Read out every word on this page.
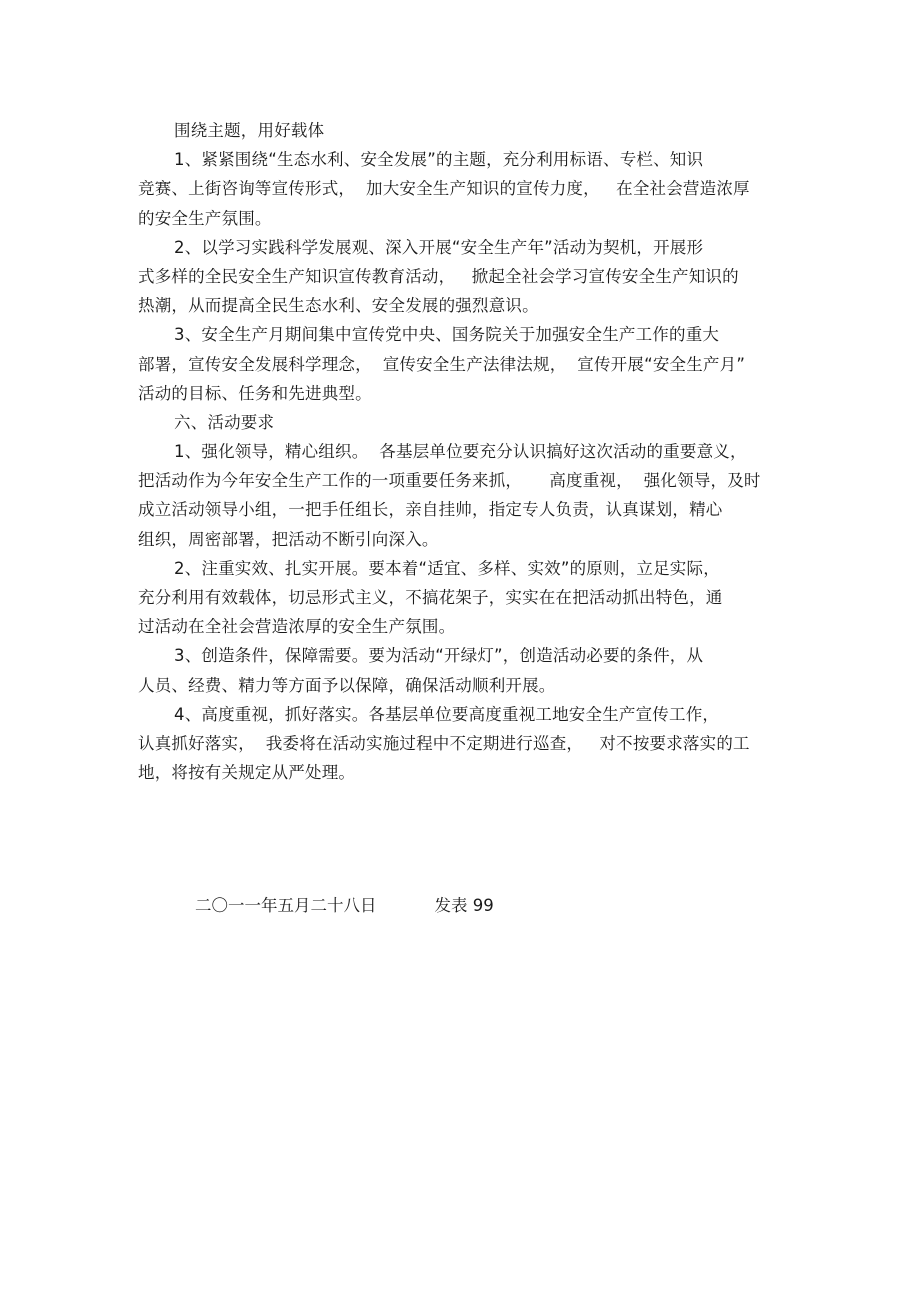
围绕主题，用好载体
1、紧紧围绕“生态水利、安全发展”的主题，充分利用标语、专栏、知识
竞赛、上街咨询等宣传形式，  加大安全生产知识的宣传力度，   在全社会营造浓厚
的安全生产氛围。
2、以学习实践科学发展观、深入开展“安全生产年”活动为契机，开展形
式多样的全民安全生产知识宣传教育活动，   掀起全社会学习宣传安全生产知识的
热潮，从而提高全民生态水利、安全发展的强烈意识。
3、安全生产月期间集中宣传党中央、国务院关于加强安全生产工作的重大
部署，宣传安全发展科学理念，  宣传安全生产法律法规，  宣传开展“安全生产月”
活动的目标、任务和先进典型。
六、活动要求
1、强化领导，精心组织。  各基层单位要充分认识搞好这次活动的重要意义，
把活动作为今年安全生产工作的一项重要任务来抓，     高度重视，  强化领导，及时
成立活动领导小组，一把手任组长，亲自挂帅，指定专人负责，认真谋划，精心
组织，周密部署，把活动不断引向深入。
2、注重实效、扎实开展。要本着“适宜、多样、实效”的原则，立足实际，
充分利用有效载体，切忌形式主义，不搞花架子，实实在在把活动抓出特色，通
过活动在全社会营造浓厚的安全生产氛围。
3、创造条件，保障需要。要为活动“开绿灯”，创造活动必要的条件，从
人员、经费、精力等方面予以保障，确保活动顺利开展。
4、高度重视，抓好落实。各基层单位要高度重视工地安全生产宣传工作，
认真抓好落实，  我委将在活动实施过程中不定期进行巡查，   对不按要求落实的工
地，将按有关规定从严处理。

二〇一一年五月二十八日	发表 99
